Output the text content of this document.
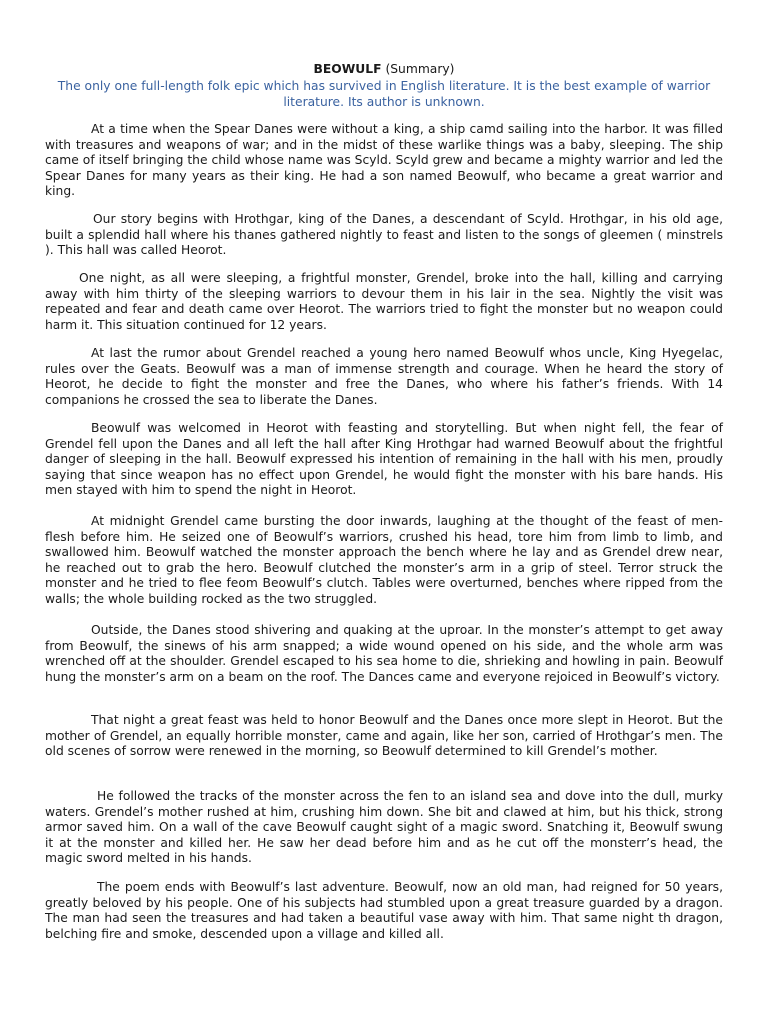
BEOWULF (Summary)

The only one full-length folk epic which has survived in English literature. It is the best example of warrior literature. Its author is unknown.

At a time when the Spear Danes were without a king, a ship camd sailing into the harbor. It was filled with treasures and weapons of war; and in the midst of these warlike things was a baby, sleeping. The ship came of itself bringing the child whose name was Scyld. Scyld grew and became a mighty warrior and led the Spear Danes for many years as their king. He had a son named Beowulf, who became a great warrior and king.

Our story begins with Hrothgar, king of the Danes, a descendant of Scyld. Hrothgar, in his old age, built a splendid hall where his thanes gathered nightly to feast and listen to the songs of gleemen ( minstrels ). This hall was called Heorot.

One night, as all were sleeping, a frightful monster, Grendel, broke into the hall, killing and carrying away with him thirty of the sleeping warriors to devour them in his lair in the sea. Nightly the visit was repeated and fear and death came over Heorot. The warriors tried to fight the monster but no weapon could harm it. This situation continued for 12 years.

At last the rumor about Grendel reached a young hero named Beowulf whos uncle, King Hyegelac, rules over the Geats. Beowulf was a man of immense strength and courage. When he heard the story of Heorot, he decide to fight the monster and free the Danes, who where his father’s friends. With 14 companions he crossed the sea to liberate the Danes.

Beowulf was welcomed in Heorot with feasting and storytelling. But when night fell, the fear of Grendel fell upon the Danes and all left the hall after King Hrothgar had warned Beowulf about the frightful danger of sleeping in the hall. Beowulf expressed his intention of remaining in the hall with his men, proudly saying that since weapon has no effect upon Grendel, he would fight the monster with his bare hands. His men stayed with him to spend the night in Heorot.

At midnight Grendel came bursting the door inwards, laughing at the thought of the feast of men-flesh before him. He seized one of Beowulf’s warriors, crushed his head, tore him from limb to limb, and swallowed him. Beowulf watched the monster approach the bench where he lay and as Grendel drew near, he reached out to grab the hero. Beowulf clutched the monster’s arm in a grip of steel. Terror struck the monster and he tried to flee feom Beowulf’s clutch. Tables were overturned, benches where ripped from the walls; the whole building rocked as the two struggled.

Outside, the Danes stood shivering and quaking at the uproar. In the monster’s attempt to get away from Beowulf, the sinews of his arm snapped; a wide wound opened on his side, and the whole arm was wrenched off at the shoulder. Grendel escaped to his sea home to die, shrieking and howling in pain. Beowulf hung the monster’s arm on a beam on the roof. The Dances came and everyone rejoiced in Beowulf’s victory.

That night a great feast was held to honor Beowulf and the Danes once more slept in Heorot. But the mother of Grendel, an equally horrible monster, came and again, like her son, carried of Hrothgar’s men. The old scenes of sorrow were renewed in the morning, so Beowulf determined to kill Grendel’s mother.

He followed the tracks of the monster across the fen to an island sea and dove into the dull, murky waters. Grendel’s mother rushed at him, crushing him down. She bit and clawed at him, but his thick, strong armor saved him. On a wall of the cave Beowulf caught sight of a magic sword. Snatching it, Beowulf swung it at the monster and killed her. He saw her dead before him and as he cut off the monsterr’s head, the magic sword melted in his hands.

The poem ends with Beowulf’s last adventure. Beowulf, now an old man, had reigned for 50 years, greatly beloved by his people. One of his subjects had stumbled upon a great treasure guarded by a dragon. The man had seen the treasures and had taken a beautiful vase away with him. That same night th dragon, belching fire and smoke, descended upon a village and killed all.
